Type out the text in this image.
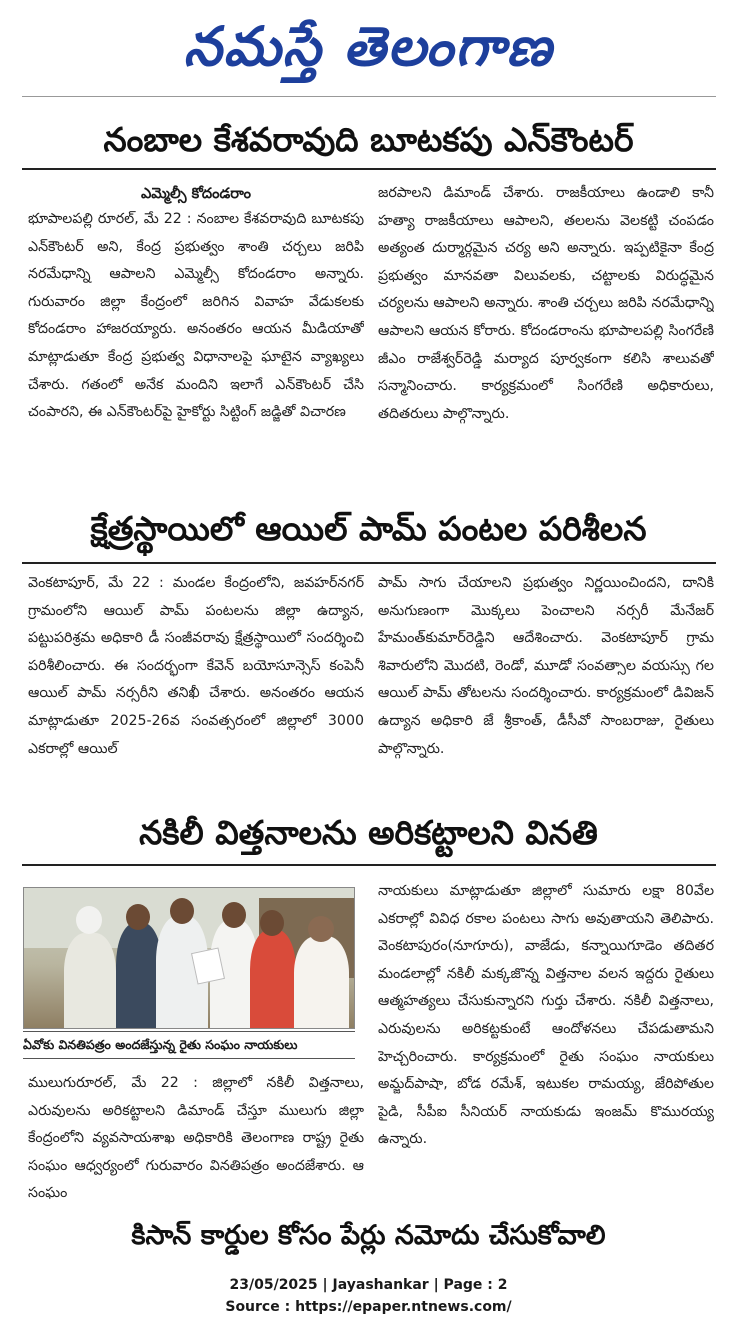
నమస్తే తెలంగాణ
నంబాల కేశవరావుది బూటకపు ఎన్‌కౌంటర్
ఎమ్మెల్సీ కోదండరాం

భూపాలపల్లి రూరల్, మే 22 : నంబాల కేశవరావుది బూటకపు ఎన్‌కౌంటర్ అని, కేంద్ర ప్రభుత్వం శాంతి చర్చలు జరిపి నరమేధాన్ని ఆపాలని ఎమ్మెల్సీ కోదండరాం అన్నారు. గురువారం జిల్లా కేంద్రంలో జరిగిన వివాహ వేడుకలకు కోదండరాం హాజరయ్యారు. అనంతరం ఆయన మీడియాతో మాట్లాడుతూ కేంద్ర ప్రభుత్వ విధానాలపై ఘాటైన వ్యాఖ్యలు చేశారు. గతంలో అనేక మందిని ఇలాగే ఎన్‌కౌంటర్ చేసి చంపారని, ఈ ఎన్‌కౌంటర్‌పై హైకోర్టు సిట్టింగ్ జడ్జితో విచారణ

జరపాలని డిమాండ్ చేశారు. రాజకీయాలు ఉండాలి కానీ హత్యా రాజకీయాలు ఆపాలని, తలలను వెలకట్టి చంపడం అత్యంత దుర్మార్గమైన చర్య అని అన్నారు. ఇప్పటికైనా కేంద్ర ప్రభుత్వం మానవతా విలువలకు, చట్టాలకు విరుద్ధమైన చర్యలను ఆపాలని అన్నారు. శాంతి చర్చలు జరిపి నరమేధాన్ని ఆపాలని ఆయన కోరారు. కోదండరాంను భూపాలపల్లి సింగరేణి జీఎం రాజేశ్వర్‌రెడ్డి మర్యాద పూర్వకంగా కలిసి శాలువతో సన్మానించారు. కార్యక్రమంలో సింగరేణి అధికారులు, తదితరులు పాల్గొన్నారు.

క్షేత్రస్థాయిలో ఆయిల్ పామ్ పంటల పరిశీలన

వెంకటాపూర్, మే 22 : మండల కేంద్రంలోని, జవహర్‌నగర్ గ్రామంలోని ఆయిల్ పామ్ పంటలను జిల్లా ఉద్యాన, పట్టుపరిశ్రమ అధికారి డీ సంజీవరావు క్షేత్రస్థాయిలో సందర్శించి పరిశీలించారు. ఈ సందర్భంగా కేవెన్ బయోసూన్సెస్ కంపెనీ ఆయిల్ పామ్ నర్సరీని తనిఖీ చేశారు. అనంతరం ఆయన మాట్లాడుతూ 2025-26వ సంవత్సరంలో జిల్లాలో 3000 ఎకరాల్లో ఆయిల్

పామ్ సాగు చేయాలని ప్రభుత్వం నిర్ణయించిందని, దానికి అనుగుణంగా మొక్కలు పెంచాలని నర్సరీ మేనేజర్ హేమంత్‌కుమార్‌రెడ్డిని ఆదేశించారు. వెంకటాపూర్ గ్రామ శివారులోని మొదటి, రెండో, మూడో సంవత్సాల వయస్సు గల ఆయిల్ పామ్ తోటలను సందర్శించారు. కార్యక్రమంలో డివిజన్ ఉద్యాన అధికారి జే శ్రీకాంత్, డీసీవో సాంబరాజు, రైతులు పాల్గొన్నారు.

నకిలీ విత్తనాలను అరికట్టాలని వినతి
ఏవోకు వినతిపత్రం అందజేస్తున్న రైతు సంఘం నాయకులు

ములుగురూరల్, మే 22 : జిల్లాలో నకిలీ విత్తనాలు, ఎరువులను అరికట్టాలని డిమాండ్ చేస్తూ ములుగు జిల్లా కేంద్రంలోని వ్యవసాయశాఖ అధికారికి తెలంగాణ రాష్ట్ర రైతు సంఘం ఆధ్వర్యంలో గురువారం వినతిపత్రం అందజేశారు. ఆ సంఘం

నాయకులు మాట్లాడుతూ జిల్లాలో సుమారు లక్షా 80వేల ఎకరాల్లో వివిధ రకాల పంటలు సాగు అవుతాయని తెలిపారు. వెంకటాపురం(నూగూరు), వాజేడు, కన్నాయిగూడెం తదితర మండలాల్లో నకిలీ మక్కజొన్న విత్తనాల వలన ఇద్దరు రైతులు ఆత్మహత్యలు చేసుకున్నారని గుర్తు చేశారు. నకిలీ విత్తనాలు, ఎరువులను అరికట్టకుంటే ఆందోళనలు చేపడుతామని హెచ్చరించారు. కార్యక్రమంలో రైతు సంఘం నాయకులు అమ్జద్‌పాషా, బోడ రమేశ్, ఇటుకల రామయ్య, జేరిపోతుల పైడి, సీపీఐ సీనియర్ నాయకుడు ఇంజమ్ కొమురయ్య ఉన్నారు.

కిసాన్ కార్డుల కోసం పేర్లు నమోదు చేసుకోవాలి
23/05/2025 | Jayashankar | Page : 2
Source : https://epaper.ntnews.com/
